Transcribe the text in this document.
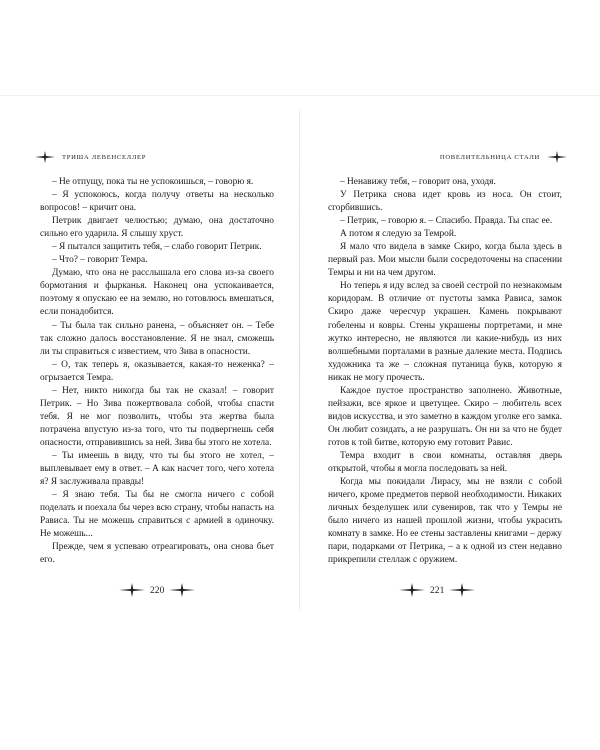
ТРИША ЛЕВЕНСЕЛЛЕР

– Не отпущу, пока ты не успокоишься, – говорю я.

– Я успокоюсь, когда получу ответы на несколько вопросов! – кричит она.

Петрик двигает челюстью; думаю, она достаточно сильно его ударила. Я слышу хруст.

– Я пытался защитить тебя, – слабо говорит Петрик.

– Что? – говорит Темра.

Думаю, что она не расслышала его слова из-за своего бормотания и фырканья. Наконец она успокаивается, поэтому я опускаю ее на землю, но готовлюсь вмешаться, если понадобится.

– Ты была так сильно ранена, – объясняет он. – Тебе так сложно далось восстановление. Я не знал, сможешь ли ты справиться с известием, что Зива в опасности.

– О, так теперь я, оказывается, какая-то неженка? – огрызается Темра.

– Нет, никто никогда бы так не сказал! – говорит Петрик. – Но Зива пожертвовала собой, чтобы спасти тебя. Я не мог позволить, чтобы эта жертва была потрачена впустую из-за того, что ты подвергнешь себя опасности, отправившись за ней. Зива бы этого не хотела.

– Ты имеешь в виду, что ты бы этого не хотел, – выплевывает ему в ответ. – А как насчет того, чего хотела я? Я заслуживала правды!

– Я знаю тебя. Ты бы не смогла ничего с собой поделать и поехала бы через всю страну, чтобы напасть на Рависа. Ты не можешь справиться с армией в одиночку. Не можешь...

Прежде, чем я успеваю отреагировать, она снова бьет его.

220
ПОВЕЛИТЕЛЬНИЦА СТАЛИ

– Ненавижу тебя, – говорит она, уходя.

У Петрика снова идет кровь из носа. Он стоит, сгорбившись.

– Петрик, – говорю я. – Спасибо. Правда. Ты спас ее.

А потом я следую за Темрой.

Я мало что видела в замке Скиро, когда была здесь в первый раз. Мои мысли были сосредоточены на спасении Темры и ни на чем другом.

Но теперь я иду вслед за своей сестрой по незнакомым коридорам. В отличие от пустоты замка Рависа, замок Скиро даже чересчур украшен. Камень покрывают гобелены и ковры. Стены украшены портретами, и мне жутко интересно, не являются ли какие-нибудь из них волшебными порталами в разные далекие места. Подпись художника та же – сложная путаница букв, которую я никак не могу прочесть.

Каждое пустое пространство заполнено. Животные, пейзажи, все яркое и цветущее. Скиро – любитель всех видов искусства, и это заметно в каждом уголке его замка. Он любит созидать, а не разрушать. Он ни за что не будет готов к той битве, которую ему готовит Равис.

Темра входит в свои комнаты, оставляя дверь открытой, чтобы я могла последовать за ней.

Когда мы покидали Лирасу, мы не взяли с собой ничего, кроме предметов первой необходимости. Никаких личных безделушек или сувениров, так что у Темры не было ничего из нашей прошлой жизни, чтобы украсить комнату в замке. Но ее стены заставлены книгами – держу пари, подарками от Петрика, – а к одной из стен недавно прикрепили стеллаж с оружием.

221
